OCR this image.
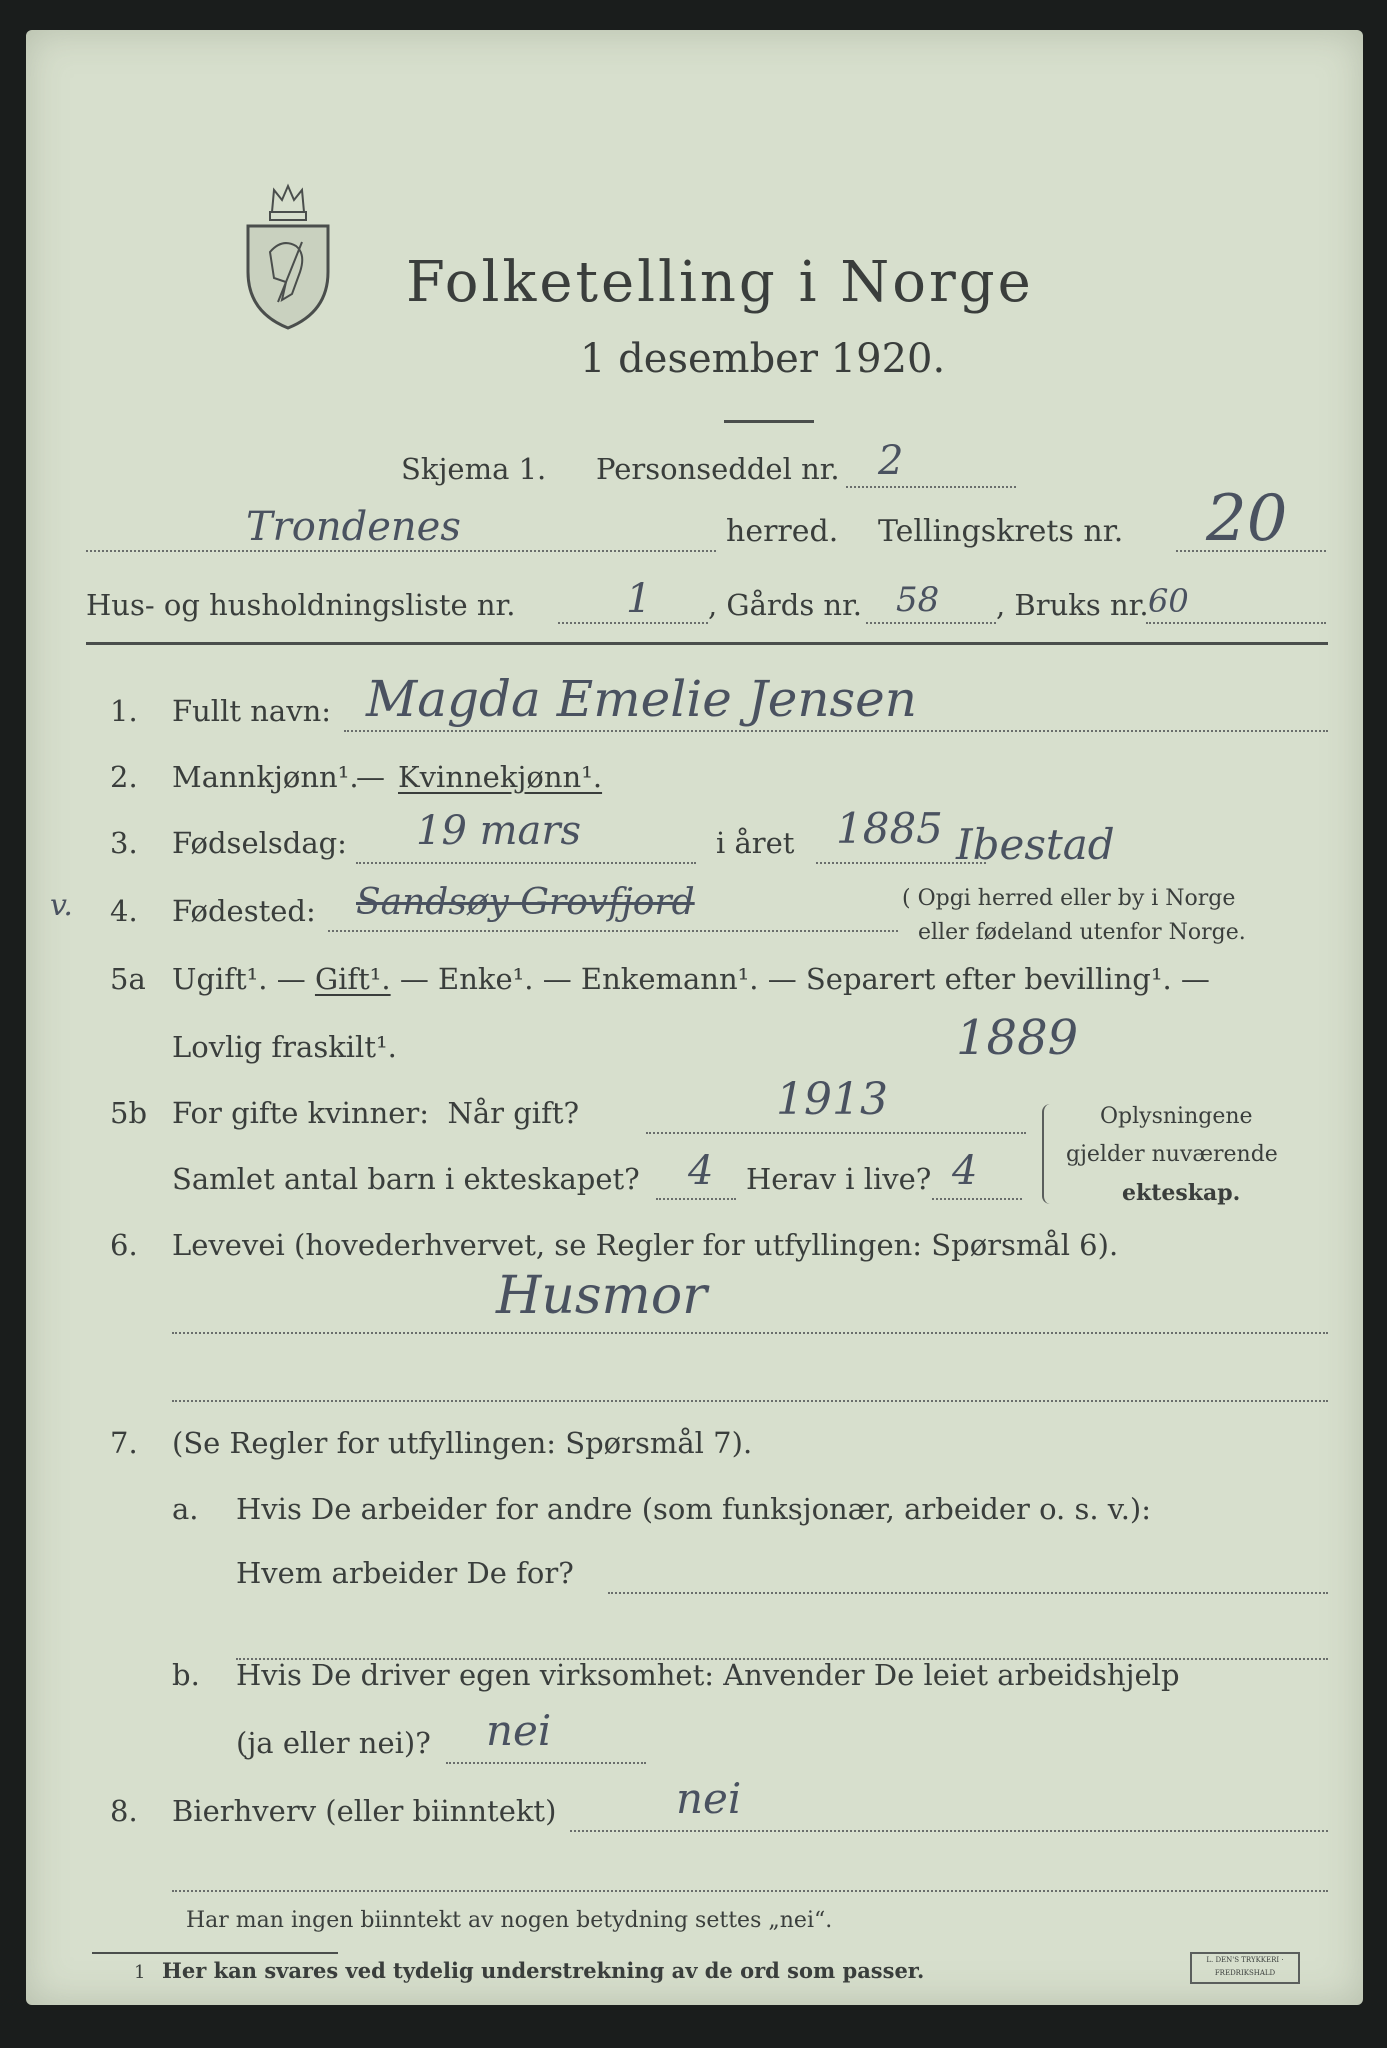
Folketelling i Norge
1 desember 1920.
Skjema 1. Personseddel nr. 2
Trondenes	herred. Tellingskrets nr. 20
Hus- og husholdningsliste nr.	1 , Gårds nr. 58 , Bruks nr. 60
1. Fullt navn: Magda Emelie Jensen
2. Mannkjønn¹.
— Kvinnekjønn¹.
3. Fødselsdag: 19 mars	i året 1885 Ibestad
v. 4. Fødested: Sandsøy Grovfjord	( Opgi herred eller by i Norge
eller fødeland utenfor Norge.
5a Ugift¹. — Gift¹. — Enke¹. — Enkemann¹. — Separert efter bevilling¹. —
Lovlig fraskilt¹.	1889
5b For gifte kvinner:  Når gift?	1913
Samlet antal barn i ekteskapet? 4 Herav i live? 4
Oplysningene
gjelder nuværende
ekteskap.
6. Levevei (hovederhvervet, se Regler for utfyllingen: Spørsmål 6).
Husmor
7. (Se Regler for utfyllingen: Spørsmål 7).
a. Hvis De arbeider for andre (som funksjonær, arbeider o. s. v.):
Hvem arbeider De for?
b. Hvis De driver egen virksomhet: Anvender De leiet arbeidshjelp
(ja eller nei)? nei
8. Bierhverv (eller biinntekt)	nei
Har man ingen biinntekt av nogen betydning settes „nei“.
1 Her kan svares ved tydelig understrekning av de ord som passer.	L. DEN'S TRYKKERI · FREDRIKSHALD
